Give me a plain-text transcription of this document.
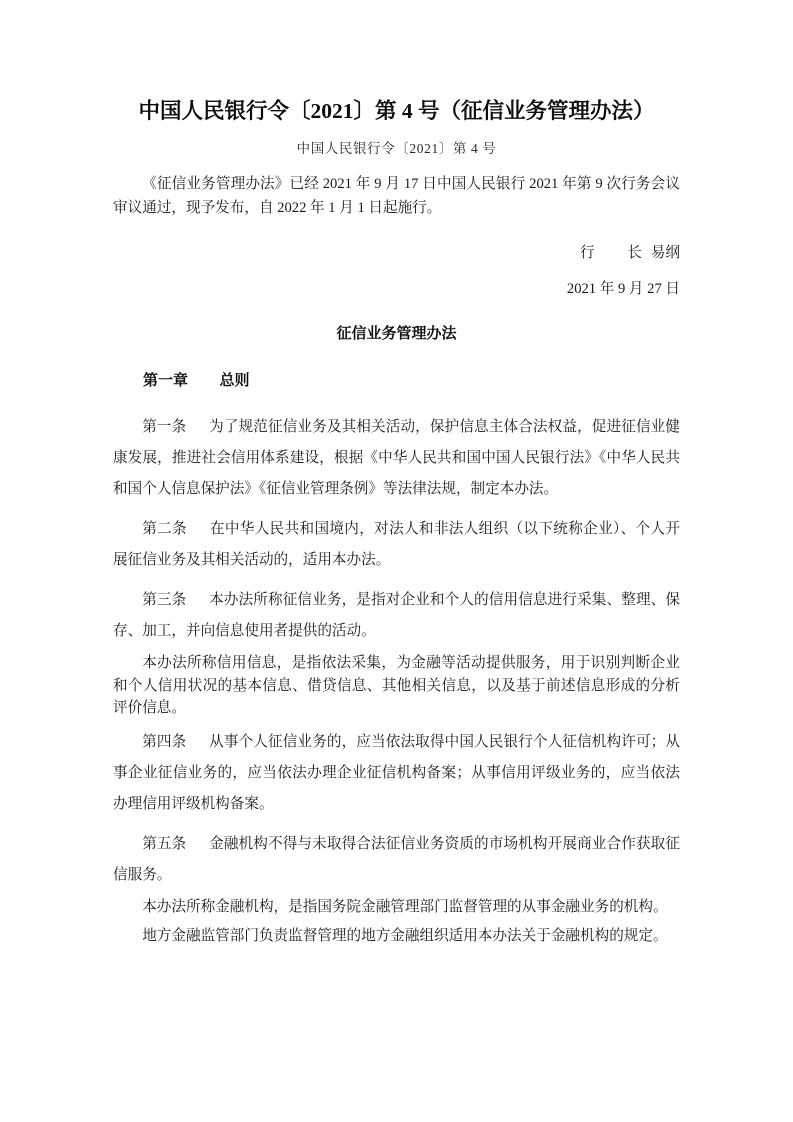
中国人民银行令〔2021〕第 4 号（征信业务管理办法）
中国人民银行令〔2021〕第 4 号

《征信业务管理办法》已经 2021 年 9 月 17 日中国人民银行 2021 年第 9 次行务会议审议通过，现予发布，自 2022 年 1 月 1 日起施行。

行　长易纲
2021 年 9 月 27 日
征信业务管理办法
第一章 总则

第一条 为了规范征信业务及其相关活动，保护信息主体合法权益，促进征信业健康发展，推进社会信用体系建设，根据《中华人民共和国中国人民银行法》《中华人民共和国个人信息保护法》《征信业管理条例》等法律法规，制定本办法。

第二条 在中华人民共和国境内，对法人和非法人组织（以下统称企业）、个人开展征信业务及其相关活动的，适用本办法。

第三条 本办法所称征信业务，是指对企业和个人的信用信息进行采集、整理、保存、加工，并向信息使用者提供的活动。

本办法所称信用信息，是指依法采集，为金融等活动提供服务，用于识别判断企业和个人信用状况的基本信息、借贷信息、其他相关信息，以及基于前述信息形成的分析评价信息。

第四条 从事个人征信业务的，应当依法取得中国人民银行个人征信机构许可；从事企业征信业务的，应当依法办理企业征信机构备案；从事信用评级业务的，应当依法办理信用评级机构备案。

第五条 金融机构不得与未取得合法征信业务资质的市场机构开展商业合作获取征信服务。

本办法所称金融机构，是指国务院金融管理部门监督管理的从事金融业务的机构。

地方金融监管部门负责监督管理的地方金融组织适用本办法关于金融机构的规定。
